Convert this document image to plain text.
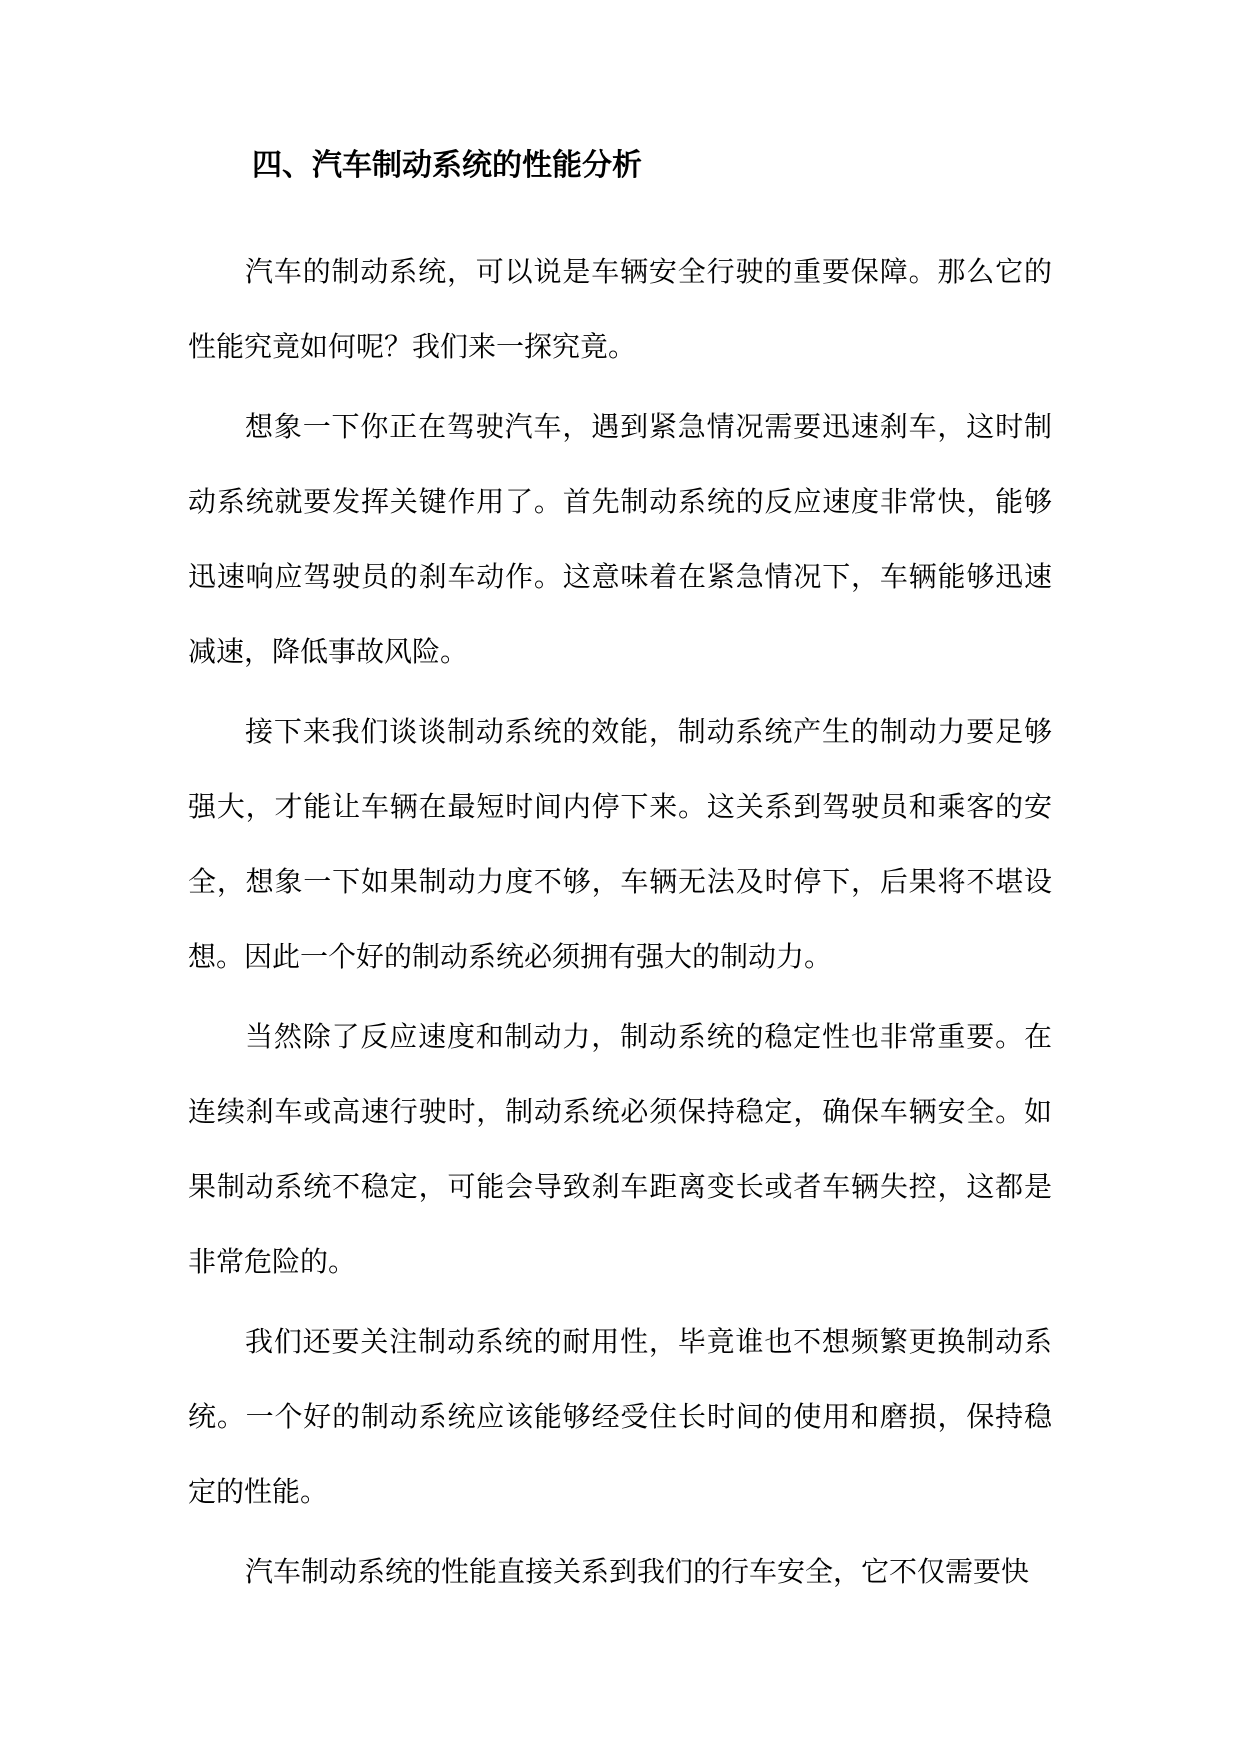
四、汽车制动系统的性能分析

汽车的制动系统，可以说是车辆安全行驶的重要保障。那么它的性能究竟如何呢？我们来一探究竟。

想象一下你正在驾驶汽车，遇到紧急情况需要迅速刹车，这时制动系统就要发挥关键作用了。首先制动系统的反应速度非常快，能够迅速响应驾驶员的刹车动作。这意味着在紧急情况下，车辆能够迅速减速，降低事故风险。

接下来我们谈谈制动系统的效能，制动系统产生的制动力要足够强大，才能让车辆在最短时间内停下来。这关系到驾驶员和乘客的安全，想象一下如果制动力度不够，车辆无法及时停下，后果将不堪设想。因此一个好的制动系统必须拥有强大的制动力。

当然除了反应速度和制动力，制动系统的稳定性也非常重要。在连续刹车或高速行驶时，制动系统必须保持稳定，确保车辆安全。如果制动系统不稳定，可能会导致刹车距离变长或者车辆失控，这都是非常危险的。

我们还要关注制动系统的耐用性，毕竟谁也不想频繁更换制动系统。一个好的制动系统应该能够经受住长时间的使用和磨损，保持稳定的性能。

汽车制动系统的性能直接关系到我们的行车安全，它不仅需要快
